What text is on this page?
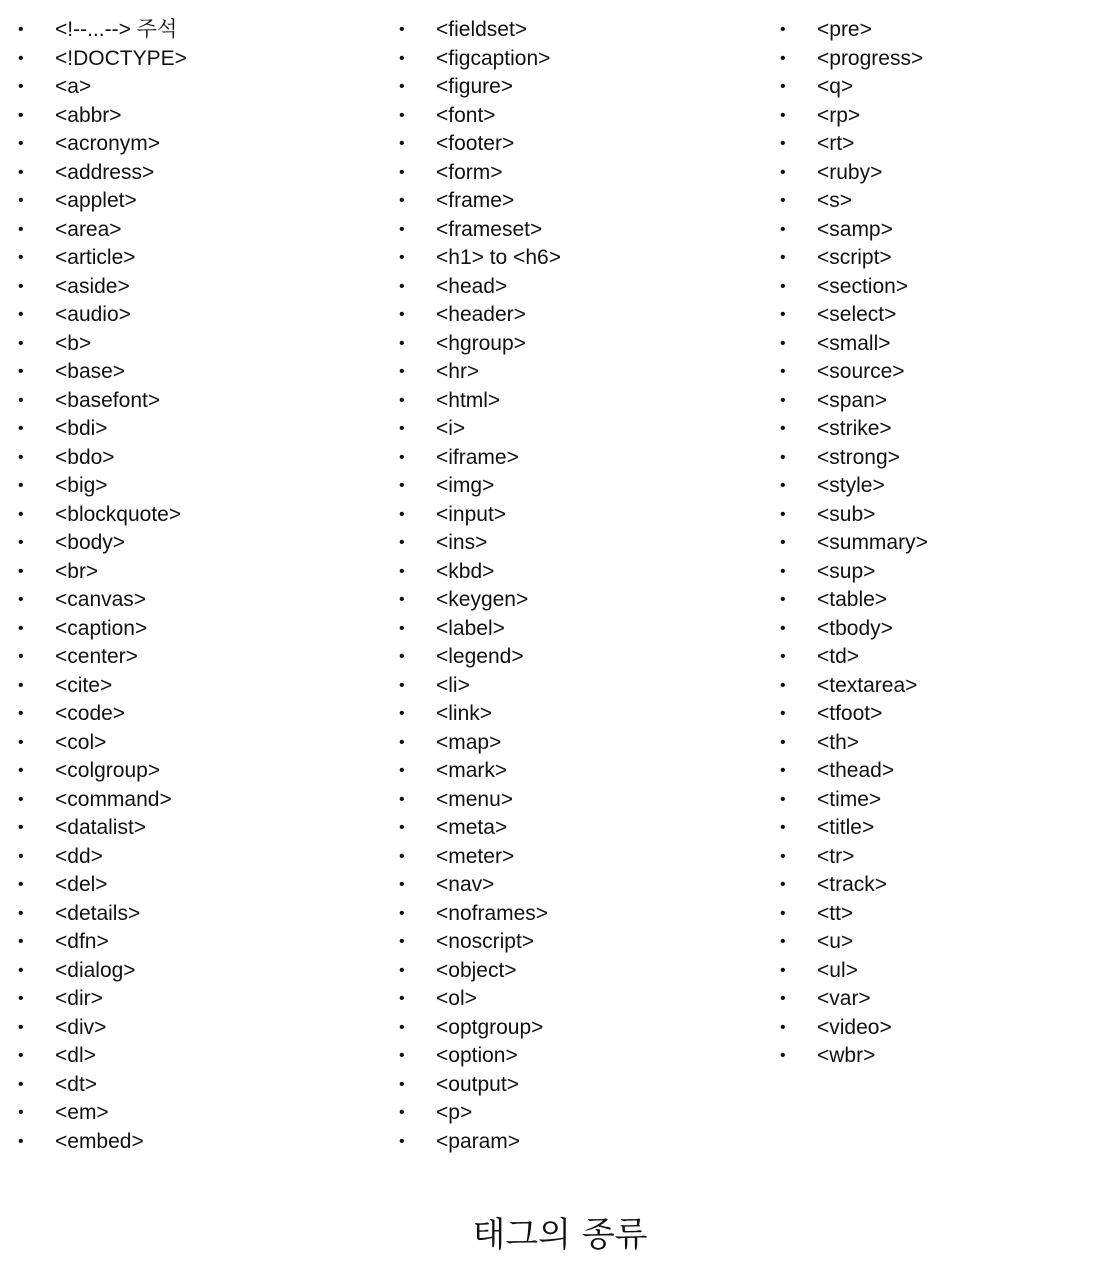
•	<!--...--> 주석
•	<!DOCTYPE>
•	<a>
•	<abbr>
•	<acronym>
•	<address>
•	<applet>
•	<area>
•	<article>
•	<aside>
•	<audio>
•	<b>
•	<base>
•	<basefont>
•	<bdi>
•	<bdo>
•	<big>
•	<blockquote>
•	<body>
•	<br>
•	<canvas>
•	<caption>
•	<center>
•	<cite>
•	<code>
•	<col>
•	<colgroup>
•	<command>
•	<datalist>
•	<dd>
•	<del>
•	<details>
•	<dfn>
•	<dialog>
•	<dir>
•	<div>
•	<dl>
•	<dt>
•	<em>
•	<embed>
•	<fieldset>
•	<figcaption>
•	<figure>
•	<font>
•	<footer>
•	<form>
•	<frame>
•	<frameset>
•	<h1> to <h6>
•	<head>
•	<header>
•	<hgroup>
•	<hr>
•	<html>
•	<i>
•	<iframe>
•	<img>
•	<input>
•	<ins>
•	<kbd>
•	<keygen>
•	<label>
•	<legend>
•	<li>
•	<link>
•	<map>
•	<mark>
•	<menu>
•	<meta>
•	<meter>
•	<nav>
•	<noframes>
•	<noscript>
•	<object>
•	<ol>
•	<optgroup>
•	<option>
•	<output>
•	<p>
•	<param>
•	<pre>
•	<progress>
•	<q>
•	<rp>
•	<rt>
•	<ruby>
•	<s>
•	<samp>
•	<script>
•	<section>
•	<select>
•	<small>
•	<source>
•	<span>
•	<strike>
•	<strong>
•	<style>
•	<sub>
•	<summary>
•	<sup>
•	<table>
•	<tbody>
•	<td>
•	<textarea>
•	<tfoot>
•	<th>
•	<thead>
•	<time>
•	<title>
•	<tr>
•	<track>
•	<tt>
•	<u>
•	<ul>
•	<var>
•	<video>
•	<wbr>
태그의 종류
